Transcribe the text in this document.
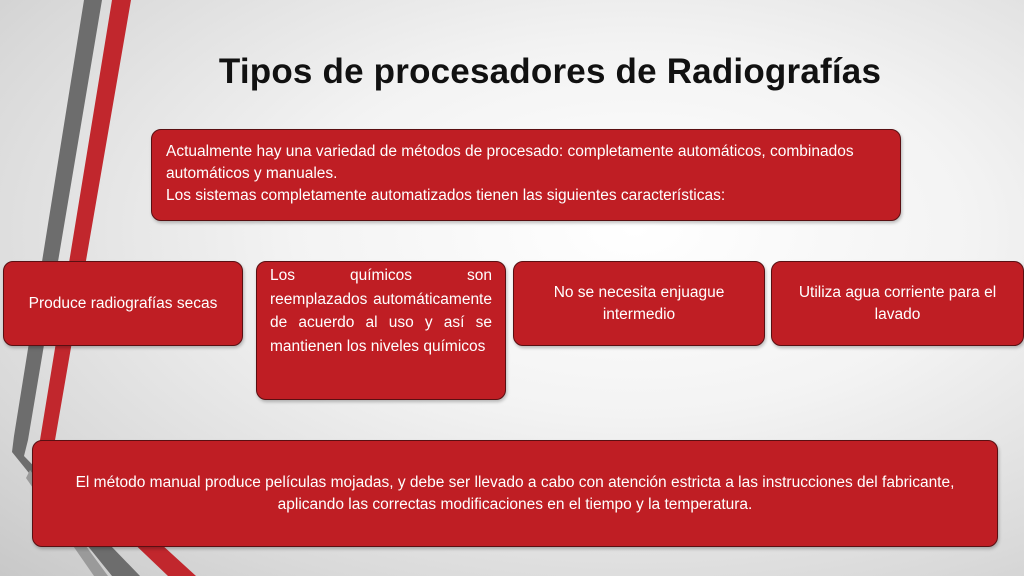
Tipos de procesadores de Radiografías
Actualmente hay una variedad de métodos de procesado: completamente automáticos, combinados automáticos y manuales.
Los sistemas completamente automatizados tienen las siguientes características:
Produce radiografías secas
Los químicos son reemplazados automáticamente de acuerdo al uso y así se mantienen los niveles químicos
No se necesita enjuague intermedio
Utiliza agua corriente para el lavado
El método manual produce películas mojadas, y debe ser llevado a cabo con atención estricta a las instrucciones del fabricante, aplicando las correctas modificaciones en el tiempo y la temperatura.
